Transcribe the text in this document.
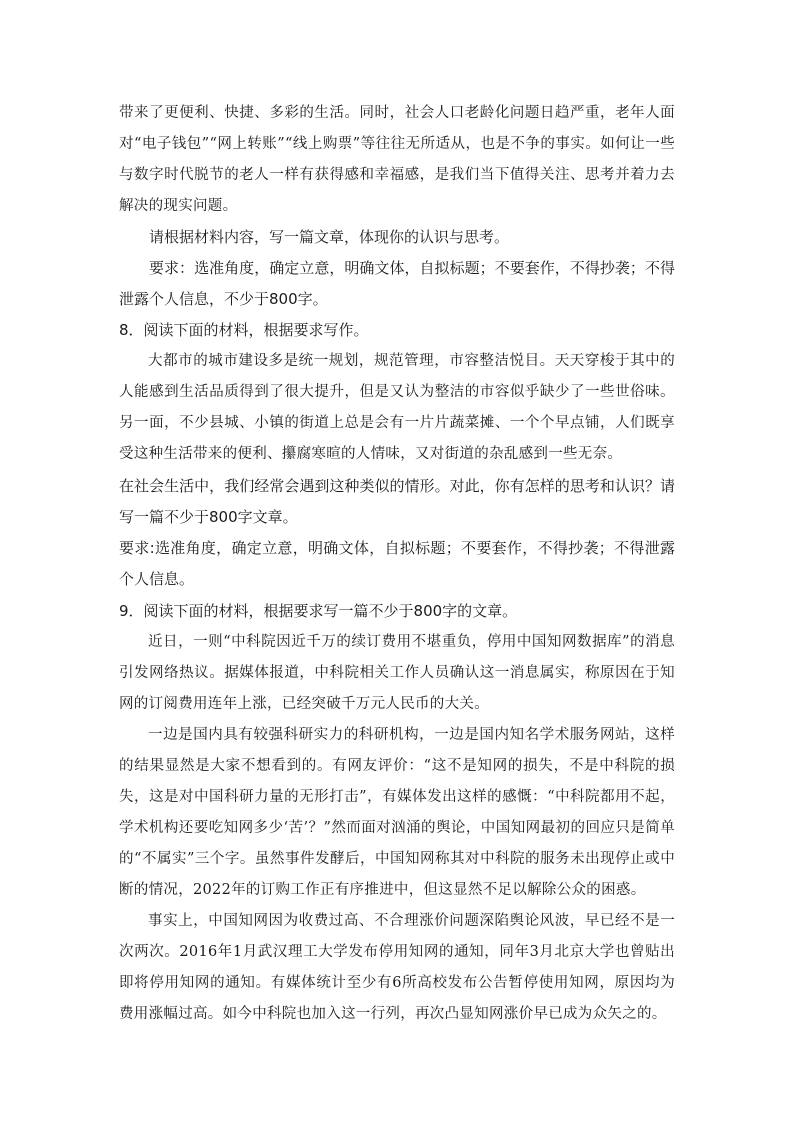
带来了更便利、快捷、多彩的生活。同时，社会人口老龄化问题日趋严重，老年人面对“电子钱包”“网上转账”“线上购票”等往往无所适从，也是不争的事实。如何让一些与数字时代脱节的老人一样有获得感和幸福感，是我们当下值得关注、思考并着力去解决的现实问题。

请根据材料内容，写一篇文章，体现你的认识与思考。

要求：选准角度，确定立意，明确文体，自拟标题；不要套作，不得抄袭；不得泄露个人信息，不少于800字。

8．阅读下面的材料，根据要求写作。

大都市的城市建设多是统一规划，规范管理，市容整洁悦目。天天穿梭于其中的人能感到生活品质得到了很大提升，但是又认为整洁的市容似乎缺少了一些世俗味。另一面，不少县城、小镇的街道上总是会有一片片蔬菜摊、一个个早点铺，人们既享受这种生活带来的便利、攥腐寒暄的人情味，又对街道的杂乱感到一些无奈。

在社会生活中，我们经常会遇到这种类似的情形。对此，你有怎样的思考和认识？请写一篇不少于800字文章。

要求:选准角度，确定立意，明确文体，自拟标题；不要套作，不得抄袭；不得泄露个人信息。

9．阅读下面的材料，根据要求写一篇不少于800字的文章。

近日，一则“中科院因近千万的续订费用不堪重负，停用中国知网数据库”的消息引发网络热议。据媒体报道，中科院相关工作人员确认这一消息属实，称原因在于知网的订阅费用连年上涨，已经突破千万元人民币的大关。

一边是国内具有较强科研实力的科研机构，一边是国内知名学术服务网站，这样的结果显然是大家不想看到的。有网友评价：“这不是知网的损失，不是中科院的损失，这是对中国科研力量的无形打击”，有媒体发出这样的感慨：“中科院都用不起，学术机构还要吃知网多少‘苦’？”然而面对汹涌的舆论，中国知网最初的回应只是简单的“不属实”三个字。虽然事件发酵后，中国知网称其对中科院的服务未出现停止或中断的情况，2022年的订购工作正有序推进中，但这显然不足以解除公众的困惑。

事实上，中国知网因为收费过高、不合理涨价问题深陷舆论风波，早已经不是一次两次。2016年1月武汉理工大学发布停用知网的通知，同年3月北京大学也曾贴出即将停用知网的通知。有媒体统计至少有6所高校发布公告暂停使用知网，原因均为费用涨幅过高。如今中科院也加入这一行列，再次凸显知网涨价早已成为众矢之的。
